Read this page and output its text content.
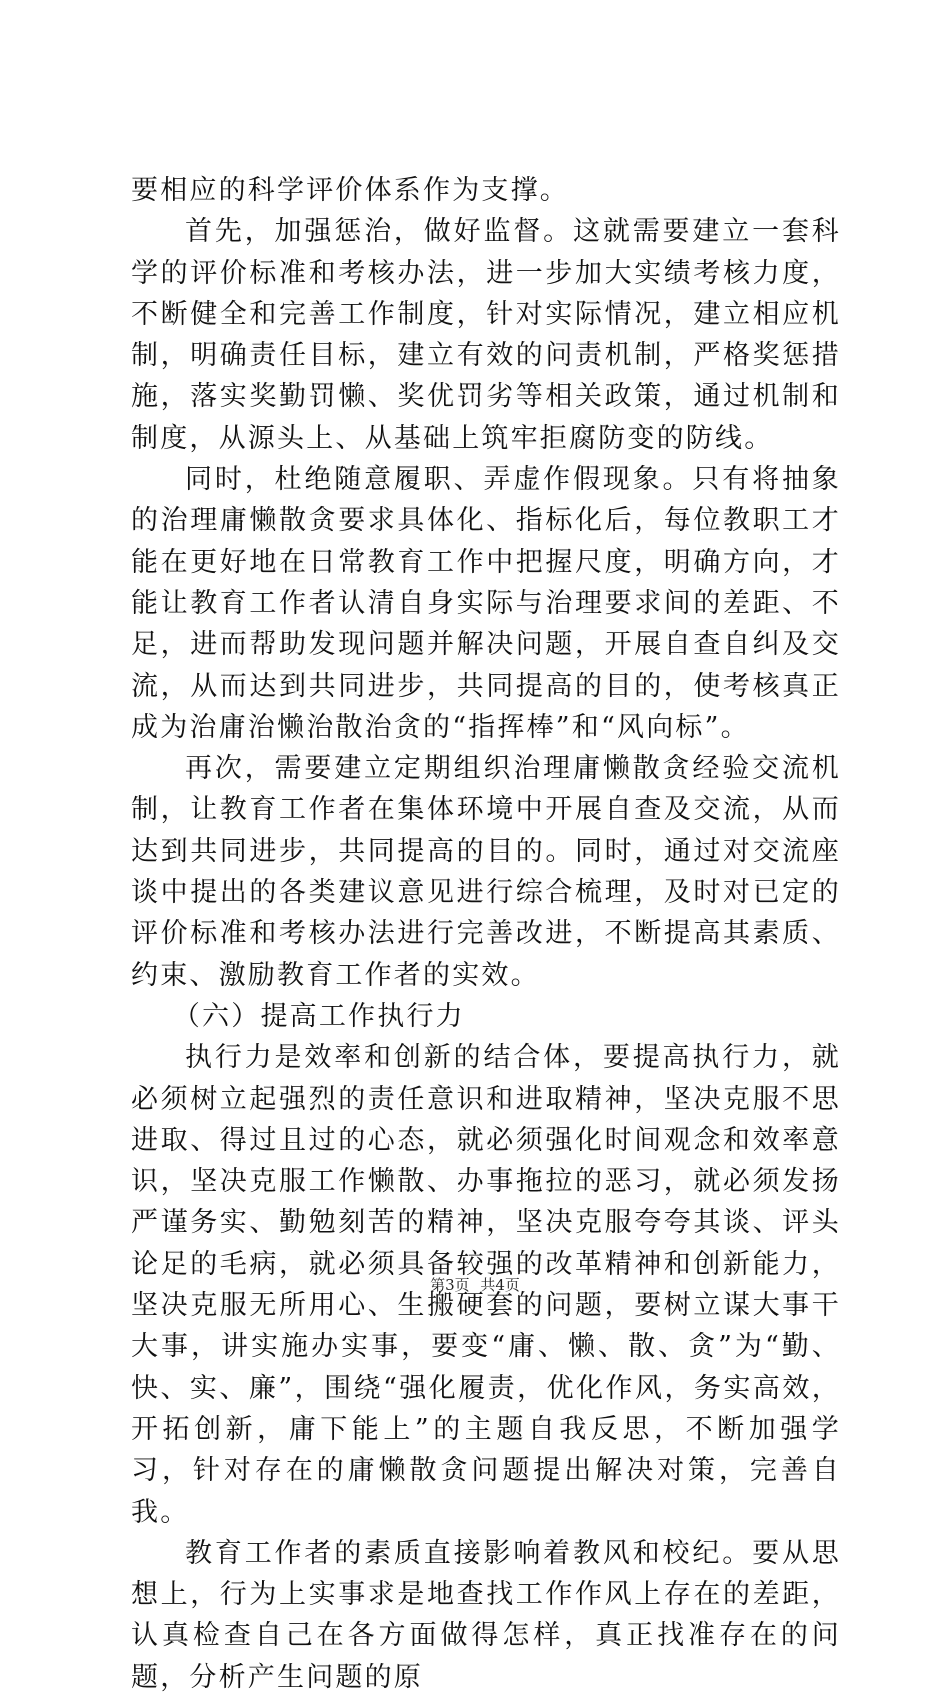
要相应的科学评价体系作为支撑。

首先，加强惩治，做好监督。这就需要建立一套科学的评价标准和考核办法，进一步加大实绩考核力度，不断健全和完善工作制度，针对实际情况，建立相应机制，明确责任目标，建立有效的问责机制，严格奖惩措施，落实奖勤罚懒、奖优罚劣等相关政策，通过机制和制度，从源头上、从基础上筑牢拒腐防变的防线。

同时，杜绝随意履职、弄虚作假现象。只有将抽象的治理庸懒散贪要求具体化、指标化后，每位教职工才能在更好地在日常教育工作中把握尺度，明确方向，才能让教育工作者认清自身实际与治理要求间的差距、不足，进而帮助发现问题并解决问题，开展自查自纠及交流，从而达到共同进步，共同提高的目的，使考核真正成为治庸治懒治散治贪的“指挥棒”和“风向标”。

再次，需要建立定期组织治理庸懒散贪经验交流机制，让教育工作者在集体环境中开展自查及交流，从而达到共同进步，共同提高的目的。同时，通过对交流座谈中提出的各类建议意见进行综合梳理，及时对已定的评价标准和考核办法进行完善改进，不断提高其素质、约束、激励教育工作者的实效。

（六）提高工作执行力

执行力是效率和创新的结合体，要提高执行力，就必须树立起强烈的责任意识和进取精神，坚决克服不思进取、得过且过的心态，就必须强化时间观念和效率意识，坚决克服工作懒散、办事拖拉的恶习，就必须发扬严谨务实、勤勉刻苦的精神，坚决克服夸夸其谈、评头论足的毛病，就必须具备较强的改革精神和创新能力，坚决克服无所用心、生搬硬套的问题，要树立谋大事干大事，讲实施办实事，要变“庸、懒、散、贪”为“勤、快、实、廉”，围绕“强化履责，优化作风，务实高效，开拓创新，庸下能上”的主题自我反思，不断加强学习，针对存在的庸懒散贪问题提出解决对策，完善自我。

教育工作者的素质直接影响着教风和校纪。要从思想上，行为上实事求是地查找工作作风上存在的差距，认真检查自己在各方面做得怎样，真正找准存在的问题，分析产生问题的原

第3页 共4页
